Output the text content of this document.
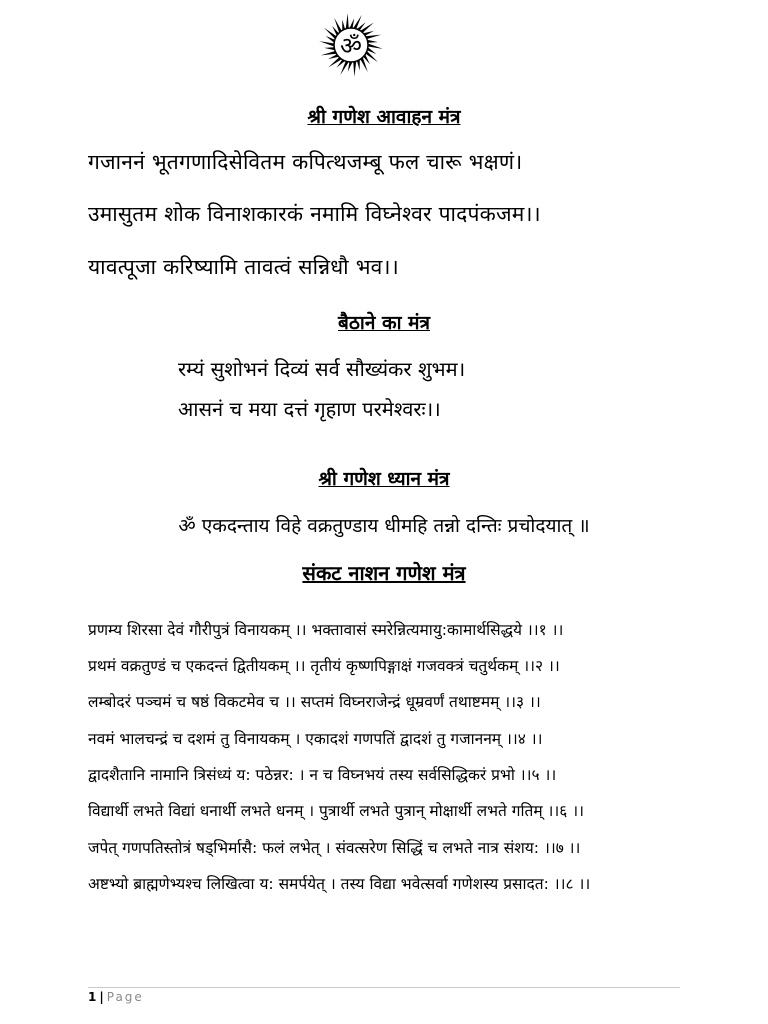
ॐ
श्री गणेश आवाहन मंत्र
गजाननं भूतगणादिसेवितम कपित्थजम्बू फल चारू भक्षणं।
उमासुतम शोक विनाशकारकं नमामि विघ्नेश्वर पादपंकजम।।
यावत्पूजा करिष्यामि तावत्वं सन्निधौ भव।।
बैठाने का मंत्र
रम्यं सुशोभनं दिव्यं सर्व सौख्यंकर शुभम।
आसनं च मया दत्तं गृहाण परमेश्वरः।।
श्री गणेश ध्यान मंत्र
ॐ एकदन्ताय विहे वक्रतुण्डाय धीमहि तन्नो दन्तिः प्रचोदयात् ॥
संकट नाशन गणेश मंत्र
प्रणम्य शिरसा देवं गौरीपुत्रं विनायकम् ।। भक्तावासं स्मरेन्नित्यमायु:कामार्थसिद्धये ।।१ ।।
प्रथमं वक्रतुण्डं च एकदन्तं द्वितीयकम् ।। तृतीयं कृष्णपिङ्गाक्षं गजवक्त्रं चतुर्थकम् ।।२ ।।
लम्बोदरं पञ्चमं च षष्ठं विकटमेव च ।। सप्तमं विघ्नराजेन्द्रं धूम्रवर्णं तथाष्टमम् ।।३ ।।
नवमं भालचन्द्रं च दशमं तु विनायकम् । एकादशं गणपतिं द्वादशं तु गजाननम् ।।४ ।।
द्वादशैतानि नामानि त्रिसंध्यं य: पठेन्नर: । न च विघ्नभयं तस्य सर्वसिद्धिकरं प्रभो ।।५ ।।
विद्यार्थी लभते विद्यां धनार्थी लभते धनम् । पुत्रार्थी लभते पुत्रान् मोक्षार्थी लभते गतिम् ।।६ ।।
जपेत् गणपतिस्तोत्रं षड्भिर्मासै: फलं लभेत् । संवत्सरेण सिद्धिं च लभते नात्र संशय: ।।७ ।।
अष्टभ्यो ब्राह्मणेभ्यश्च लिखित्वा य: समर्पयेत् । तस्य विद्या भवेत्सर्वा गणेशस्य प्रसादत: ।।८ ।।
1 | Page
